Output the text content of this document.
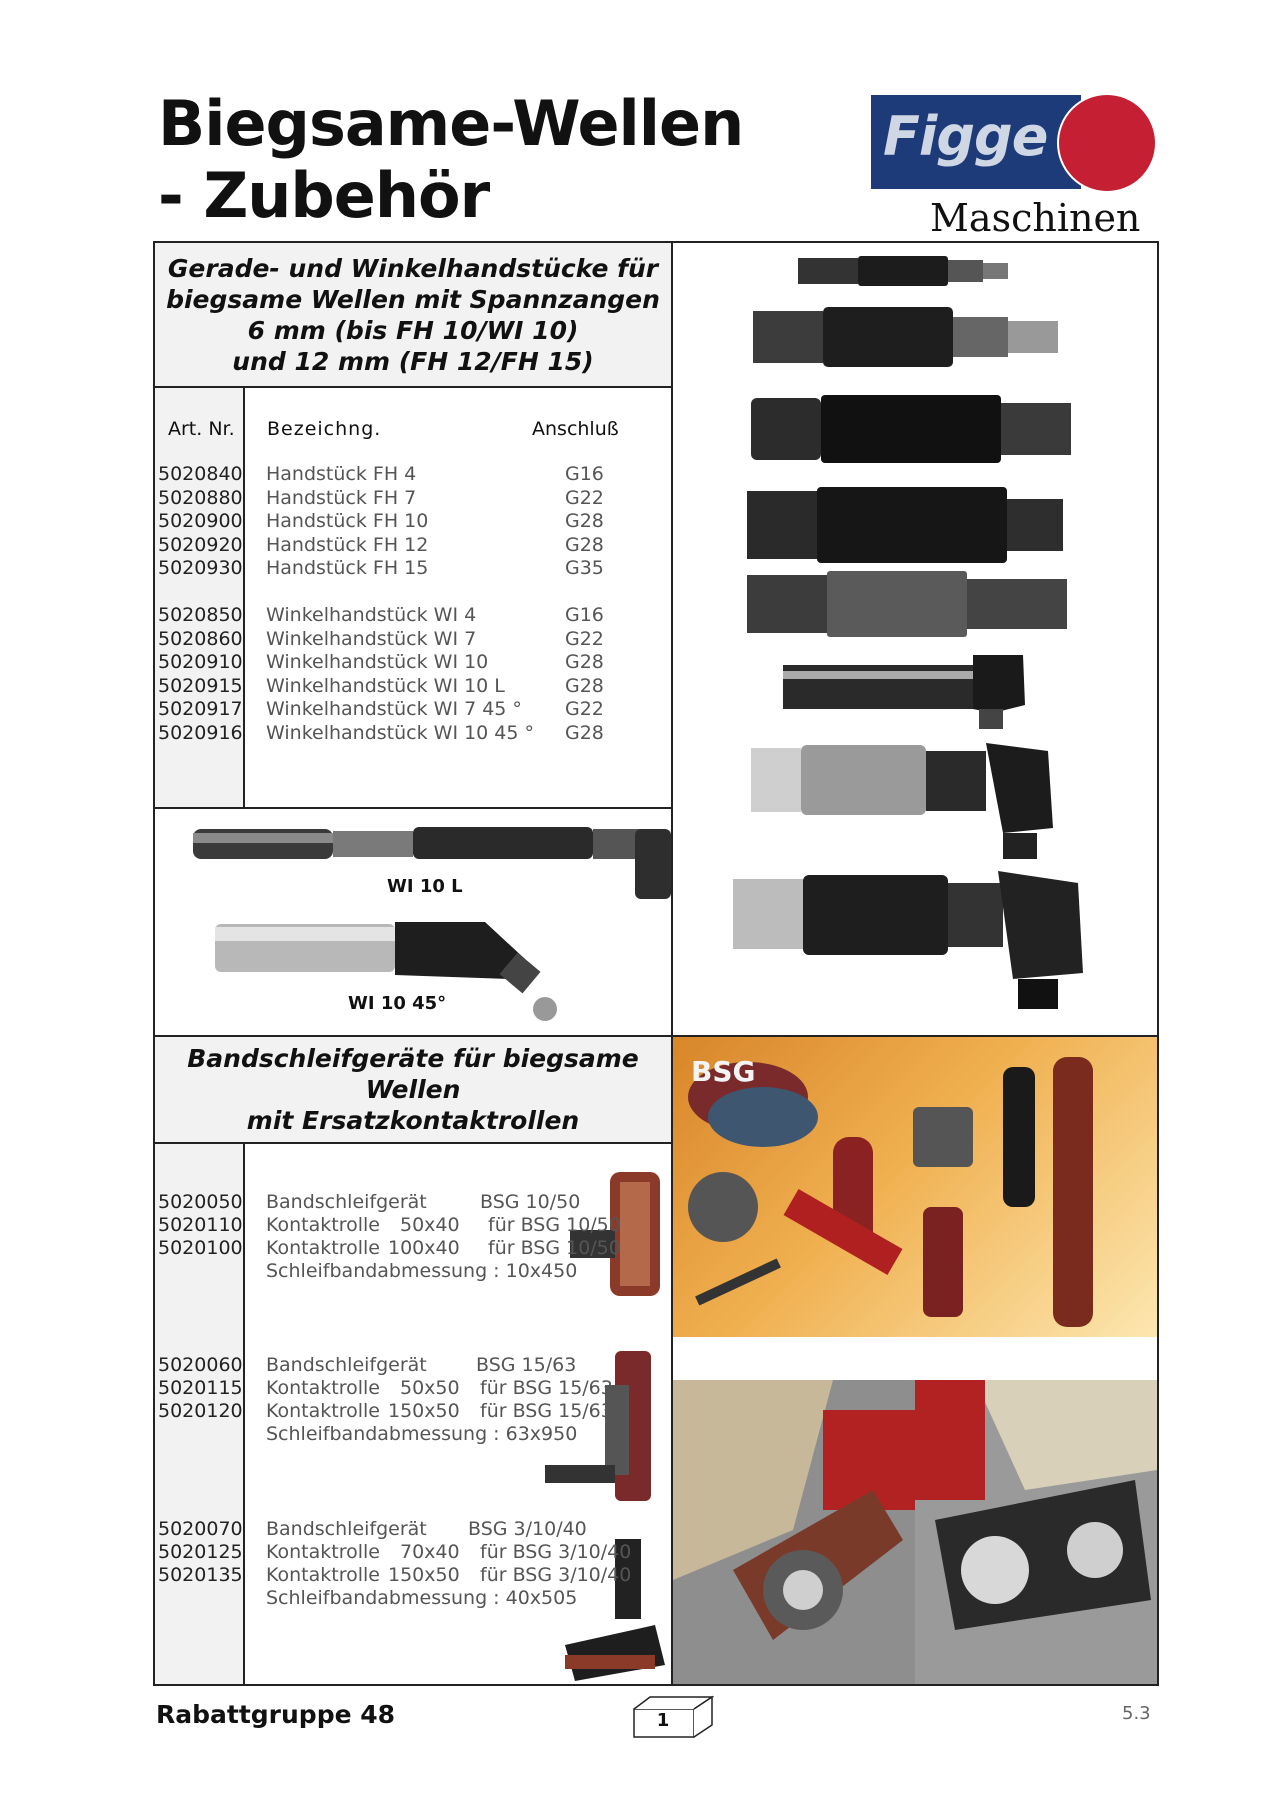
Biegsame-Wellen
- Zubehör
Figge
Maschinen
Gerade- und Winkelhandstücke für
biegsame Wellen mit Spannzangen
6 mm (bis FH 10/WI 10)
und 12 mm (FH 12/FH 15)
Art. Nr. Bezeichng.	Anschluß
5020840 Handstück FH 4	G16
5020880 Handstück FH 7	G22
5020900 Handstück FH 10	G28
5020920 Handstück FH 12	G28
5020930 Handstück FH 15	G35
5020850 Winkelhandstück WI 4	G16
5020860 Winkelhandstück WI 7	G22
5020910 Winkelhandstück WI 10	G28
5020915 Winkelhandstück WI 10 L	G28
5020917 Winkelhandstück WI 7 45 ° G22
5020916 Winkelhandstück WI 10 45 ° G28
WI 10 L
WI 10 45°
Bandschleifgeräte für biegsame
Wellen
mit Ersatzkontaktrollen
5020050 Bandschleifgerät	BSG 10/50
5020110 Kontaktrolle 50x40 für BSG 10/50
5020100 Kontaktrolle 100x40 für BSG 10/50
Schleifbandabmessung : 10x450
5020060 Bandschleifgerät	BSG 15/63
5020115 Kontaktrolle 50x50 für BSG 15/63
5020120 Kontaktrolle 150x50 für BSG 15/63
Schleifbandabmessung : 63x950
5020070 Bandschleifgerät BSG 3/10/40
5020125 Kontaktrolle 70x40 für BSG 3/10/40
5020135 Kontaktrolle 150x50 für BSG 3/10/40
Schleifbandabmessung : 40x505
BSG
Rabattgruppe 48	1	5.3
